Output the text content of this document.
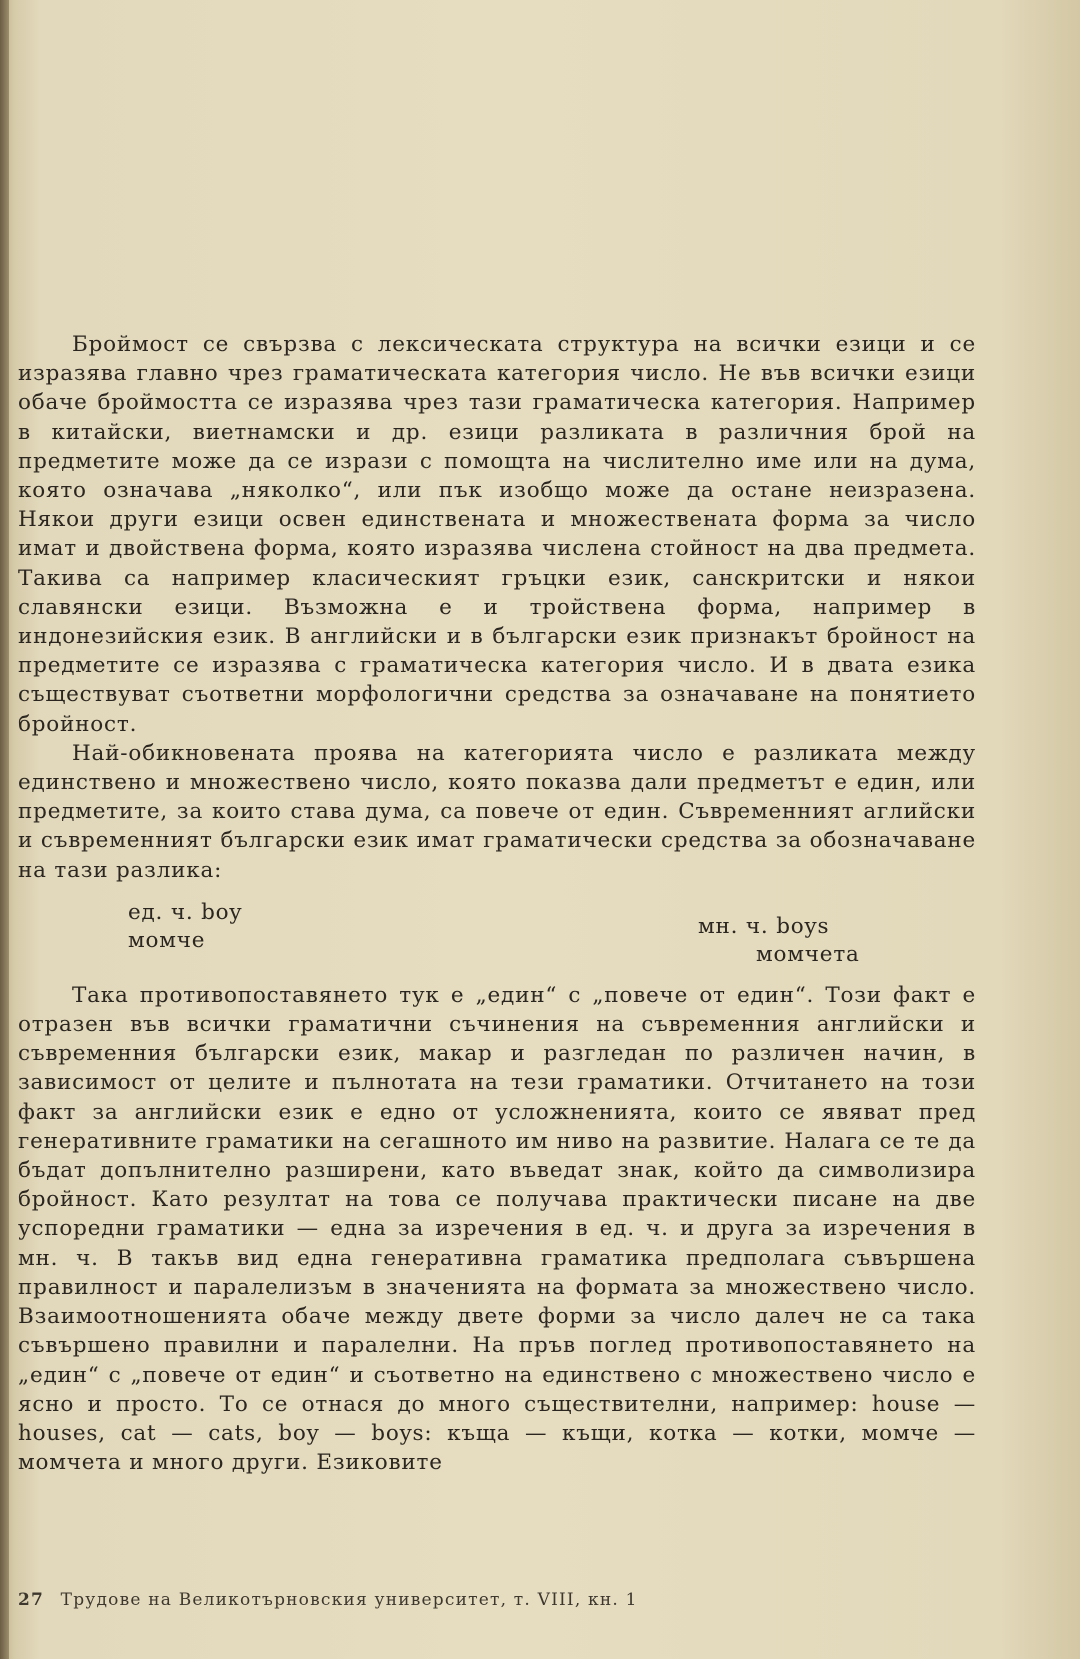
Броймост се свързва с лексическата структура на всички езици и се изразява главно чрез граматическата категория число. Не във всички езици обаче броймостта се изразява чрез тази граматическа категория. Например в китайски, виетнамски и др. езици разликата в различния брой на предметите може да се изрази с помощта на числително име или на дума, която означава „няколко“, или пък изобщо може да остане неизразена. Някои други езици освен единствената и множествената форма за число имат и двойствена форма, която изразява числена стойност на два предмета. Такива са например класическият гръцки език, санскритски и някои славянски езици. Възможна е и тройствена форма, например в индонезийския език. В английски и в български език признакът бройност на предметите се изразява с граматическа категория число. И в двата езика съществуват съответни морфологични средства за означаване на понятието бройност.

Най-обикновената проява на категорията число е разликата между единствено и множествено число, която показва дали предметът е един, или предметите, за които става дума, са повече от един. Съвременният аглийски и съвременният български език имат граматически средства за обозначаване на тази разлика:

ед. ч. boy
момче
мн. ч. boys
момчета

Така противопоставянето тук е „един“ с „повече от един“. Този факт е отразен във всички граматични съчинения на съвременния английски и съвременния български език, макар и разгледан по различен начин, в зависимост от целите и пълнотата на тези граматики. Отчитането на този факт за английски език е едно от усложненията, които се явяват пред генеративните граматики на сегашното им ниво на развитие. Налага се те да бъдат допълнително разширени, като въведат знак, който да символизира бройност. Като резултат на това се получава практически писане на две успоредни граматики — една за изречения в ед. ч. и друга за изречения в мн. ч. В такъв вид една генеративна граматика предполага съвършена правилност и паралелизъм в значенията на формата за множествено число. Взаимоотношенията обаче между двете форми за число далеч не са така съвършено правилни и паралелни. На пръв поглед противопоставянето на „един“ с „повече от един“ и съответно на единствено с множествено число е ясно и просто. То се отнася до много съществителни, например: house — houses, cat — cats, boy — boys: къща — къщи, котка — котки, момче — момчета и много други. Езиковите

27 Трудове на Великотърновския университет, т. VIII, кн. 1
